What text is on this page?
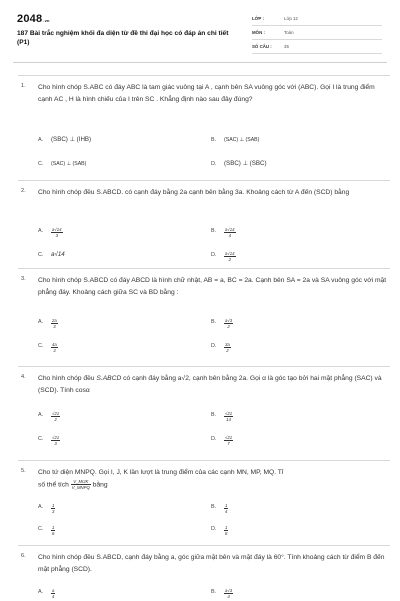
2048.vn
187 Bài trắc nghiệm khối đa diện từ đề thi đại học có đáp án chi tiết (P1)
LỚP :	Lớp 12
MÔN :	Toán
SỐ CÂU :	35
1. Cho hình chóp S.ABC có đáy ABC là tam giác vuông tại A , cạnh bên SA vuông góc với (ABC). Gọi I là trung điểm cạnh AC , H là hình chiếu của I trên SC . Khẳng định nào sau đây đúng?
A. (SBC) ⊥ (IHB)	B. (SAC) ⊥ (SAB)
C. (SAC) ⊥ (SAB)	D. (SBC) ⊥ (SBC)
2. Cho hình chóp đều S.ABCD. có cạnh đáy bằng 2a cạnh bên bằng 3a. Khoảng cách từ A đến (SCD) bằng
A. $\frac{a√14}{3}$	B. $\frac{a√14}{4}$
C. a√14	D. $\frac{a√14}{2}$
3. Cho hình chóp S.ABCD có đáy ABCD là hình chữ nhật, AB = a, BC = 2a. Cạnh bên SA = 2a và SA vuông góc với mặt phẳng đáy. Khoảng cách giữa SC và BD bằng :
A. $\frac{2a}{3}$	B. $\frac{a√3}{2}$
C. $\frac{4a}{3}$	D. $\frac{3a}{2}$
4. Cho hình chóp đều S.ABCD có cạnh đáy bằng a√2, cạnh bên bằng 2a. Gọi α là góc tạo bởi hai mặt phẳng (SAC) và (SCD). Tính cosα
A. $\frac{√21}{2}$	B. $\frac{√21}{14}$
C. $\frac{√21}{3}$	D. $\frac{√21}{7}$
5. Cho tứ diện MNPQ. Gọi I, J, K lần lượt là trung điểm của các cạnh MN, MP, MQ. Tỉ
số thể tích $\frac{\text{V\_MIJK}}{\text{V\_MNPQ}}$ bằng
A. $\frac{1}{3}$	B. $\frac{1}{4}$
C. $\frac{1}{6}$	D. $\frac{1}{8}$
6. Cho hình chóp đều S.ABCD, cạnh đáy bằng a, góc giữa mặt bên và mặt đáy là 60°. Tính khoảng cách từ điểm B đến mặt phẳng (SCD).
A. $\frac{a}{4}$	B. $\frac{a√3}{4}$
